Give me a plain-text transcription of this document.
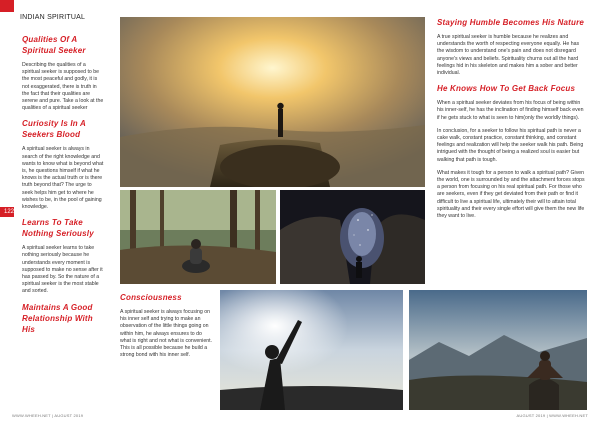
122
INDIAN SPIRITUAL
Qualities Of A Spiritual Seeker

Describing the qualities of a spiritual seeker is supposed to be the most peaceful and godly, it is not exaggerated, there is truth in the fact that their qualities are serene and pure. Take a look at the qualities of a spiritual seeker

Curiosity Is In A Seekers Blood

A spiritual seeker is always in search of the right knowledge and wants to know what is beyond what is, he questions himself if what he knows is the actual truth or is there truth beyond that? The urge to seek helps him get to where he wishes to be, in the pool of gaining knowledge.

Learns To Take Nothing Seriously

A spiritual seeker learns to take nothing seriously because he understands every moment is supposed to make no sense after it has passed by. So the nature of a spiritual seeker is the most stable and sorted.

Maintains A Good Relationship With His
Staying Humble Becomes His Nature

A true spiritual seeker is humble because he realizes and understands the worth of respecting everyone equally. He has the wisdom to understand one's pain and does not disregard anyone's views and beliefs. Spirituality churns out all the hard feelings hid in his skeleton and makes him a sober and better individual.

He Knows How To Get Back Focus

When a spiritual seeker deviates from his focus of being within his inner-self, he has the inclination of finding himself back even if he gets stuck to what is seen to him(only the worldly things).

In conclusion, for a seeker to follow his spiritual path is never a cake walk, constant practice, constant thinking, and constant feelings and realization will help the seeker walk his path. Being intrigued with the thought of being a realized soul is easier but walking that path is tough.

What makes it tough for a person to walk a spiritual path? Given the world, one is surrounded by and the attachment forces stops a person from focusing on his real spiritual path. For those who are seekers, even if they get deviated from their path or find it difficult to live a spiritual life, ultimately their will to attain total spirituality and their every single effort will give them the new life they want to live.

Consciousness

A spiritual seeker is always focusing on his inner self and trying to make an observation of the little things going on within him, he always ensures to do what is right and not what is convenient. This is all possible because he build a strong bond with his inner self.

WWW.WHEEH.NET | AUGUST 2019	AUGUST 2019 | WWW.WHEEH.NET
